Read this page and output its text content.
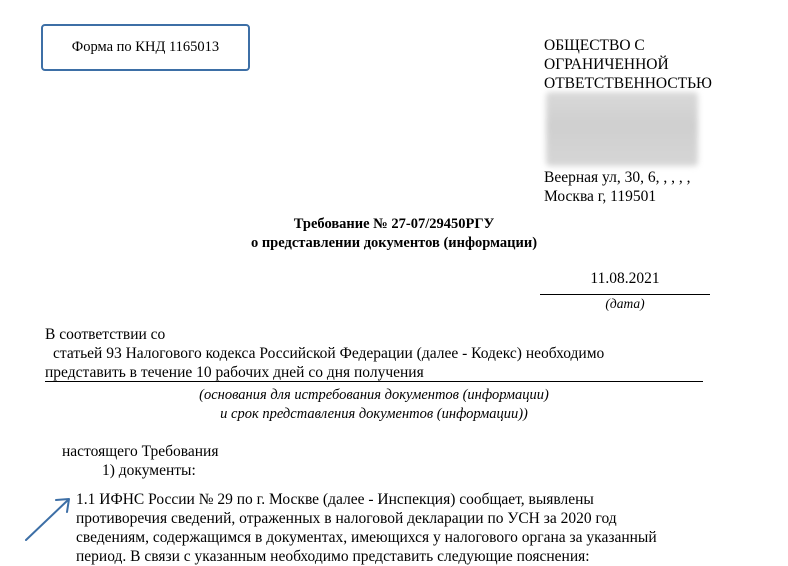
Форма по КНД 1165013	ОБЩЕСТВО С
ОГРАНИЧЕННОЙ
ОТВЕТСТВЕННОСТЬЮ
Веерная ул, 30, 6, , , , ,
Москва г, 119501
Требование № 27-07/29450РГУ
о представлении документов (информации)
11.08.2021
(дата)
В соответствии со
статьей 93 Налогового кодекса Российской Федерации (далее - Кодекс) необходимо
представить в течение 10 рабочих дней со дня получения
(основания для истребования документов (информации)
и срок представления документов (информации))
настоящего Требования
1) документы:
1.1 ИФНС России № 29 по г. Москве (далее - Инспекция) сообщает, выявлены
противоречия сведений, отраженных в налоговой декларации по УСН за 2020 год
сведениям, содержащимся в документах, имеющихся у налогового органа за указанный
период. В связи с указанным необходимо представить следующие пояснения:
